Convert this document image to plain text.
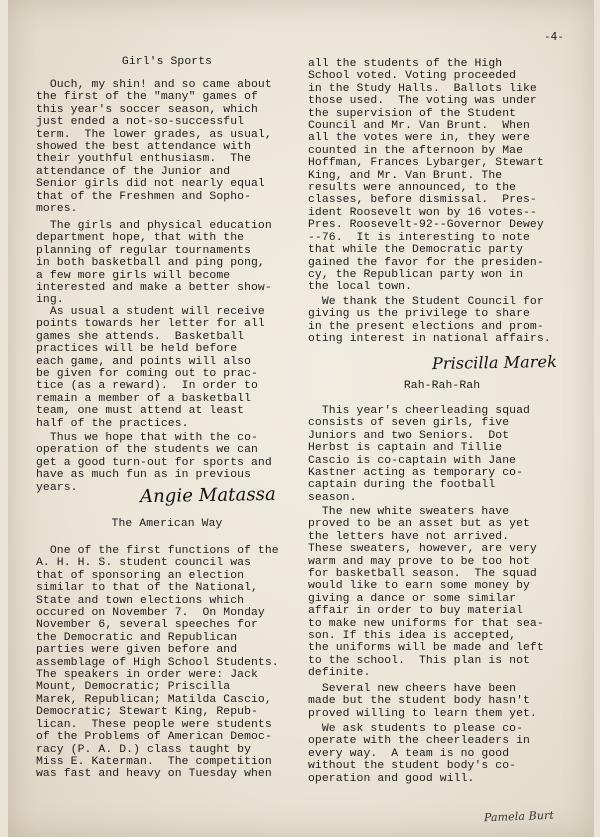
-4-
Girl's Sports
Ouch, my shin! and so came about
the first of the "many" games of
this year's soccer season, which
just ended a not-so-successful
term.  The lower grades, as usual,
showed the best attendance with
their youthful enthusiasm.  The
attendance of the Junior and
Senior girls did not nearly equal
that of the Freshmen and Sopho-
mores.
The girls and physical education
department hope, that with the
planning of regular tournaments
in both basketball and ping pong,
a few more girls will become
interested and make a better show-
ing.
As usual a student will receive
points towards her letter for all
games she attends.  Basketball
practices will be held before
each game, and points will also
be given for coming out to prac-
tice (as a reward).  In order to
remain a member of a basketball
team, one must attend at least
half of the practices.
Thus we hope that with the co-
operation of the students we can
get a good turn-out for sports and
have as much fun as in previous
years.	Angie Matassa
The American Way
One of the first functions of the
A. H. H. S. student council was
that of sponsoring an election
similar to that of the National,
State and town elections which
occured on November 7.  On Monday
November 6, several speeches for
the Democratic and Republican
parties were given before and
assemblage of High School Students.
The speakers in order were: Jack
Mount, Democratic; Priscilla
Marek, Republican; Matilda Cascio,
Democratic; Stewart King, Repub-
lican.  These people were students
of the Problems of American Democ-
racy (P. A. D.) class taught by
Miss E. Katerman.  The competition
was fast and heavy on Tuesday when
all the students of the High
School voted. Voting proceeded
in the Study Halls.  Ballots like
those used.  The voting was under
the supervision of the Student
Council and Mr. Van Brunt.  When
all the votes were in, they were
counted in the afternoon by Mae
Hoffman, Frances Lybarger, Stewart
King, and Mr. Van Brunt. The
results were announced, to the
classes, before dismissal.  Pres-
ident Roosevelt won by 16 votes--
Pres. Roosevelt-92--Governor Dewey
--76.  It is interesting to note
that while the Democratic party
gained the favor for the presiden-
cy, the Republican party won in
the local town.
We thank the Student Council for
giving us the privilege to share
in the present elections and prom-
oting interest in national affairs.
Priscilla Marek
Rah-Rah-Rah
This year's cheerleading squad
consists of seven girls, five
Juniors and two Seniors.  Dot
Herbst is captain and Tillie
Cascio is co-captain with Jane
Kastner acting as temporary co-
captain during the football
season.
The new white sweaters have
proved to be an asset but as yet
the letters have not arrived.
These sweaters, however, are very
warm and may prove to be too hot
for basketball season.  The squad
would like to earn some money by
giving a dance or some similar
affair in order to buy material
to make new uniforms for that sea-
son. If this idea is accepted,
the uniforms will be made and left
to the school.  This plan is not
definite.
Several new cheers have been
made but the student body hasn't
proved willing to learn them yet.
We ask students to please co-
operate with the cheerleaders in
every way.  A team is no good
without the student body's co-
operation and good will.
Pamela Burt
